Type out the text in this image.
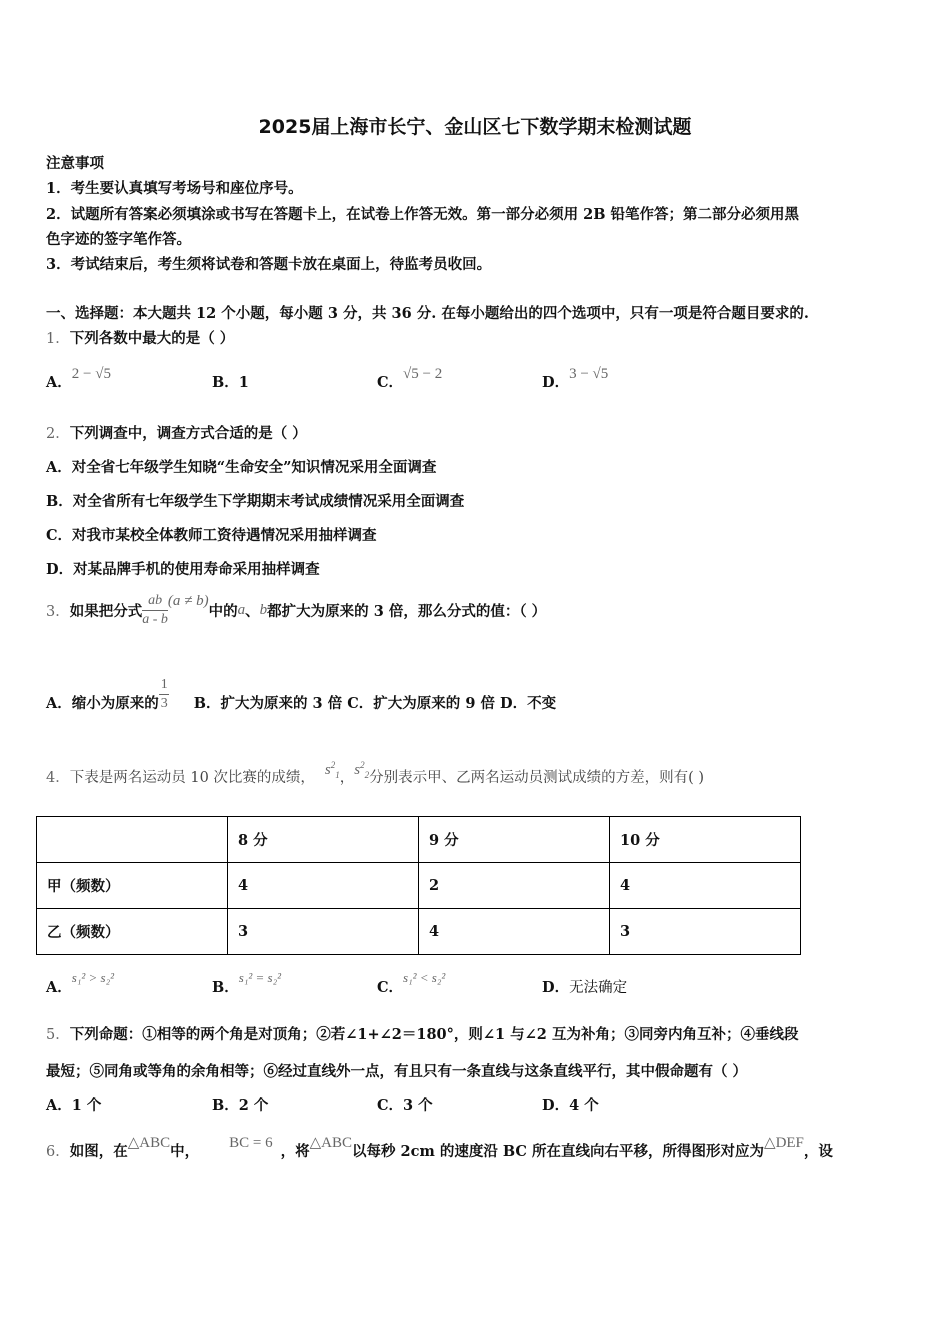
2025届上海市长宁、金山区七下数学期末检测试题
注意事项
1．考生要认真填写考场号和座位序号。
2．试题所有答案必须填涂或书写在答题卡上，在试卷上作答无效。第一部分必须用 2B 铅笔作答；第二部分必须用黑
色字迹的签字笔作答。
3．考试结束后，考生须将试卷和答题卡放在桌面上，待监考员收回。
一、选择题：本大题共 12 个小题，每小题 3 分，共 36 分. 在每小题给出的四个选项中，只有一项是符合题目要求的.
1．下列各数中最大的是（ ）
A．2 − √5	B．1	C．√5 − 2	D．3 − √5
2．下列调查中，调查方式合适的是（ ）
A．对全省七年级学生知晓“生命安全”知识情况采用全面调查
B．对全省所有七年级学生下学期期末考试成绩情况采用全面调查
C．对我市某校全体教师工资待遇情况采用抽样调查
D．对某品牌手机的使用寿命采用抽样调查
3．如果把分式 $\frac{ab}{a - b} (a \ne b)$中的a、b都扩大为原来的 3 倍，那么分式的值：（ ）
A．缩小为原来的 $\frac{1}{3}$ B．扩大为原来的 3 倍 C．扩大为原来的 9 倍 D．不变
4．下表是两名运动员 10 次比赛的成绩， $s^2_1$，$s^2_2$分别表示甲、乙两名运动员测试成绩的方差，则有( )
	8 分	9 分	10 分
甲（频数）	4	2	4
乙（频数）	3	4	3
A．s₁² > s₂²
B．s₁² = s₂²
C．s₁² < s₂²
D．无法确定
5．下列命题：①相等的两个角是对顶角；②若∠1+∠2＝180°，则∠1 与∠2 互为补角；③同旁内角互补；④垂线段
最短；⑤同角或等角的余角相等；⑥经过直线外一点，有且只有一条直线与这条直线平行，其中假命题有（ ）
A．1 个	B．2 个	C．3 个	D．4 个
6．如图，在△ABC中， BC = 6 ，将△ABC以每秒 2cm 的速度沿 BC 所在直线向右平移，所得图形对应为△DEF，设
